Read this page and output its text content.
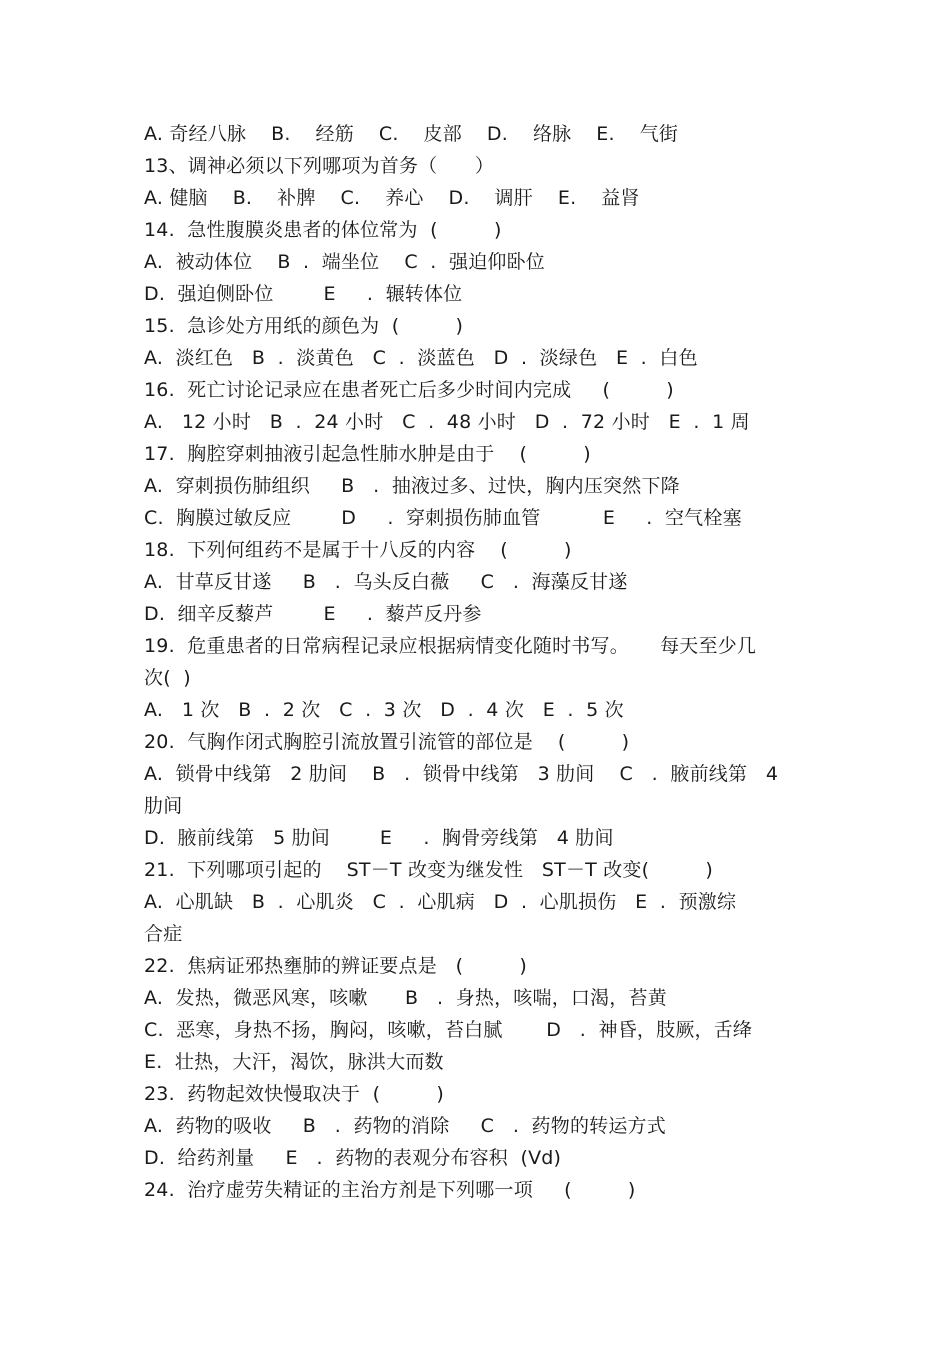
A. 奇经八脉    B.    经筋    C.    皮部    D.    络脉    E.    气街
13、调神必须以下列哪项为首务（      ）
A. 健脑    B.    补脾    C.    养心    D.    调肝    E.    益肾
14.  急性腹膜炎患者的体位常为  (         )
A.  被动体位    B  .  端坐位    C  .  强迫仰卧位
D.  强迫侧卧位        E     .  辗转体位
15.  急诊处方用纸的颜色为  (         )
A.  淡红色   B  .  淡黄色   C  .  淡蓝色   D  .  淡绿色   E  .  白色
16.  死亡讨论记录应在患者死亡后多少时间内完成     (         )
A.   12 小时   B  .  24 小时   C  .  48 小时   D  .  72 小时   E  .  1 周
17.  胸腔穿刺抽液引起急性肺水肿是由于    (         )
A.  穿刺损伤肺组织     B   .  抽液过多、过快，胸内压突然下降
C.  胸膜过敏反应        D     .  穿刺损伤肺血管          E     .  空气栓塞
18.  下列何组药不是属于十八反的内容    (         )
A.  甘草反甘遂     B   .  乌头反白薇     C   .  海藻反甘遂
D.  细辛反藜芦        E     .  藜芦反丹参
19.  危重患者的日常病程记录应根据病情变化随时书写。     每天至少几
次(  )
A.   1 次   B  .  2 次   C  .  3 次   D  .  4 次   E  .  5 次
20.  气胸作闭式胸腔引流放置引流管的部位是    (         )
A.  锁骨中线第   2 肋间    B   .  锁骨中线第   3 肋间    C   .  腋前线第   4
肋间
D.  腋前线第   5 肋间        E     .  胸骨旁线第   4 肋间
21.  下列哪项引起的    ST－T 改变为继发性   ST－T 改变(         )
A.  心肌缺   B  .  心肌炎   C  .  心肌病   D  .  心肌损伤   E  .  预激综
合症
22.  焦病证邪热壅肺的辨证要点是   (         )
A.  发热，微恶风寒，咳嗽      B   .  身热，咳喘，口渴，苔黄
C.  恶寒，身热不扬，胸闷，咳嗽，苔白腻       D   .  神昏，肢厥，舌绛
E.  壮热，大汗，渴饮，脉洪大而数
23.  药物起效快慢取决于  (         )
A.  药物的吸收     B   .  药物的消除     C   .  药物的转运方式
D.  给药剂量     E   .  药物的表观分布容积  (Vd)
24.  治疗虚劳失精证的主治方剂是下列哪一项     (         )
